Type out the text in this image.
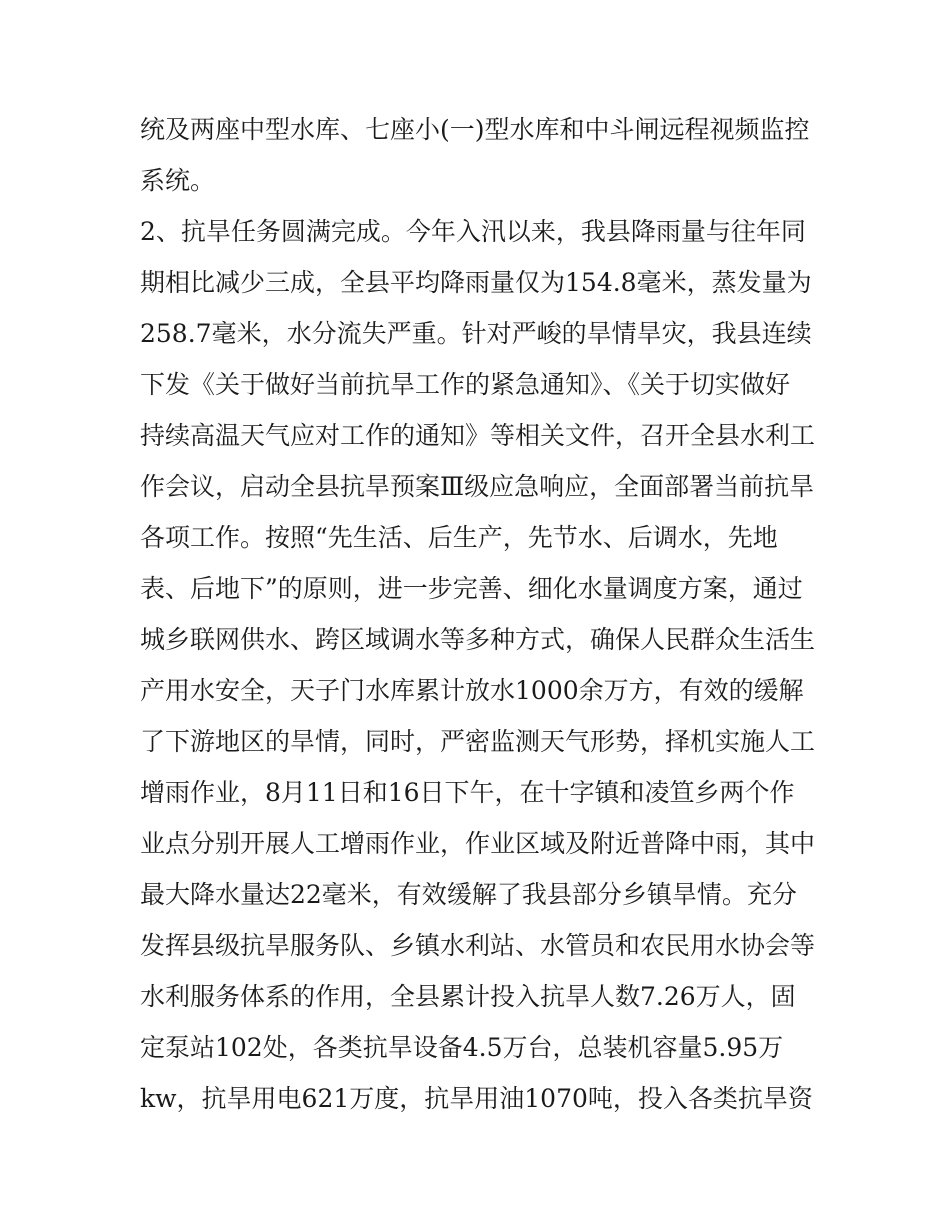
统及两座中型水库、七座小(一)型水库和中斗闸远程视频监控
系统。
2、抗旱任务圆满完成。今年入汛以来，我县降雨量与往年同
期相比减少三成，全县平均降雨量仅为154.8毫米，蒸发量为
258.7毫米，水分流失严重。针对严峻的旱情旱灾，我县连续
下发《关于做好当前抗旱工作的紧急通知》、《关于切实做好
持续高温天气应对工作的通知》等相关文件，召开全县水利工
作会议，启动全县抗旱预案Ⅲ级应急响应，全面部署当前抗旱
各项工作。按照“先生活、后生产，先节水、后调水，先地
表、后地下”的原则，进一步完善、细化水量调度方案，通过
城乡联网供水、跨区域调水等多种方式，确保人民群众生活生
产用水安全，天子门水库累计放水1000余万方，有效的缓解
了下游地区的旱情，同时，严密监测天气形势，择机实施人工
增雨作业，8月11日和16日下午，在十字镇和凌笪乡两个作
业点分别开展人工增雨作业，作业区域及附近普降中雨，其中
最大降水量达22毫米，有效缓解了我县部分乡镇旱情。充分
发挥县级抗旱服务队、乡镇水利站、水管员和农民用水协会等
水利服务体系的作用，全县累计投入抗旱人数7.26万人，固
定泵站102处，各类抗旱设备4.5万台，总装机容量5.95万
kw，抗旱用电621万度，抗旱用油1070吨，投入各类抗旱资
